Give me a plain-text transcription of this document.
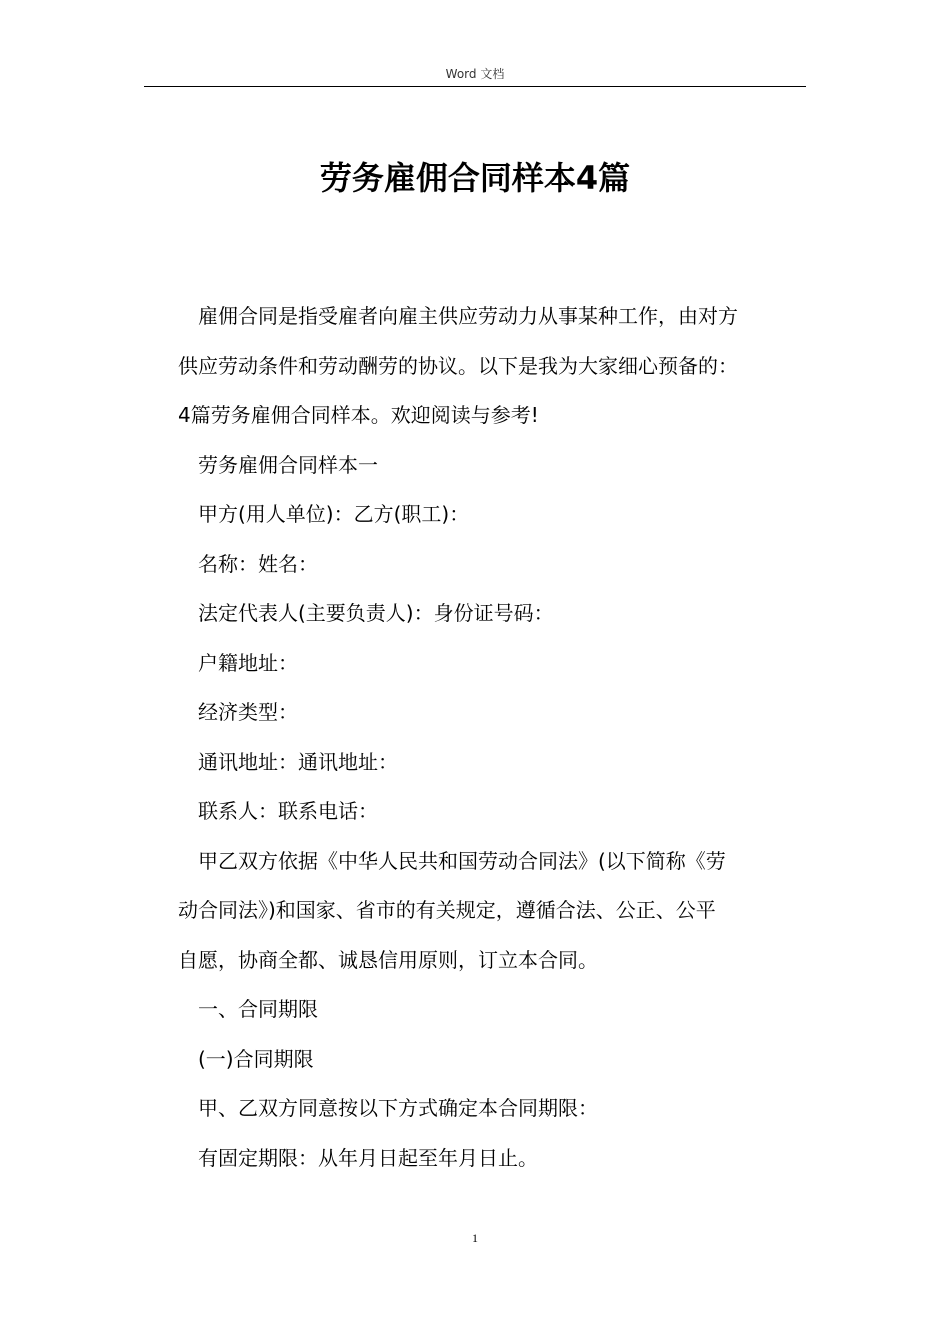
Word 文档
劳务雇佣合同样本4篇

雇佣合同是指受雇者向雇主供应劳动力从事某种工作，由对方

供应劳动条件和劳动酬劳的协议。以下是我为大家细心预备的：

4篇劳务雇佣合同样本。欢迎阅读与参考!

劳务雇佣合同样本一

甲方(用人单位)：乙方(职工)：

名称：姓名：

法定代表人(主要负责人)：身份证号码：

户籍地址：

经济类型：

通讯地址：通讯地址：

联系人：联系电话：

甲乙双方依据《中华人民共和国劳动合同法》(以下简称《劳

动合同法》)和国家、省市的有关规定，遵循合法、公正、公平

自愿，协商全都、诚恳信用原则，订立本合同。

一、合同期限

(一)合同期限

甲、乙双方同意按以下方式确定本合同期限：

有固定期限：从年月日起至年月日止。

1
